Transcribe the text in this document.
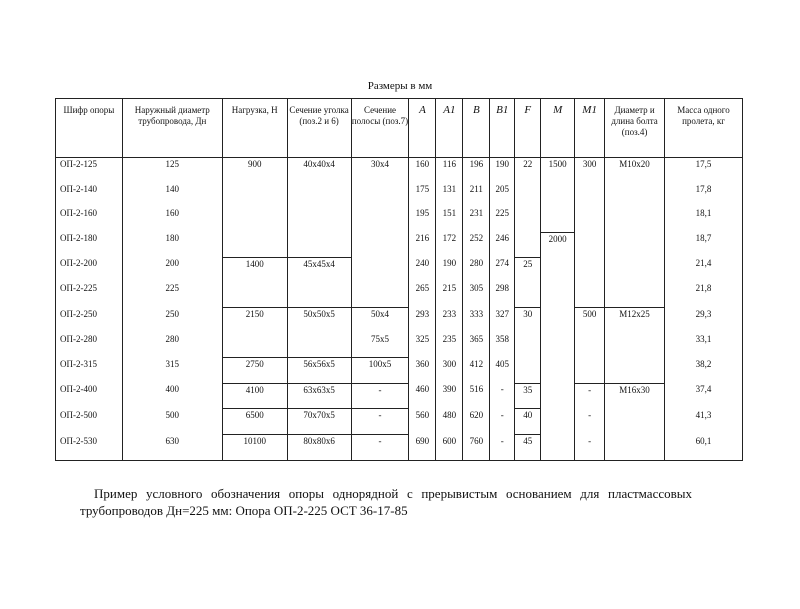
Размеры в мм
Шифр опоры	Наружный диаметр трубопровода, Дн	Нагрузка, Н	Сечение уголка (поз.2 и 6)	Сечение полосы (поз.7)	A	A1	B	B1	F	M	M1	Диаметр и длина болта (поз.4)	Масса одного пролета, кг
ОП-2-125	125	900	40х40х4	30х4	160	116	196	190	22	1500	300	М10х20	17,5
ОП-2-140	140				175	131	211	205					17,8
ОП-2-160	160				195	151	231	225					18,1
ОП-2-180	180				216	172	252	246		2000			18,7
ОП-2-200	200	1400	45х45х4		240	190	280	274	25				21,4
ОП-2-225	225				265	215	305	298					21,8
ОП-2-250	250	2150	50х50х5	50х4	293	233	333	327	30		500	М12х25	29,3
ОП-2-280	280			75х5	325	235	365	358					33,1
ОП-2-315	315	2750	56х56х5	100х5	360	300	412	405					38,2
ОП-2-400	400	4100	63х63х5	-	460	390	516	-	35		-	М16х30	37,4
ОП-2-500	500	6500	70х70х5	-	560	480	620	-	40		-		41,3
ОП-2-530	630	10100	80х80х6	-	690	600	760	-	45		-		60,1
Пример условного обозначения опоры однорядной с прерывистым основанием для пластмассовых трубопроводов Дн=225 мм: Опора ОП-2-225 ОСТ 36-17-85
